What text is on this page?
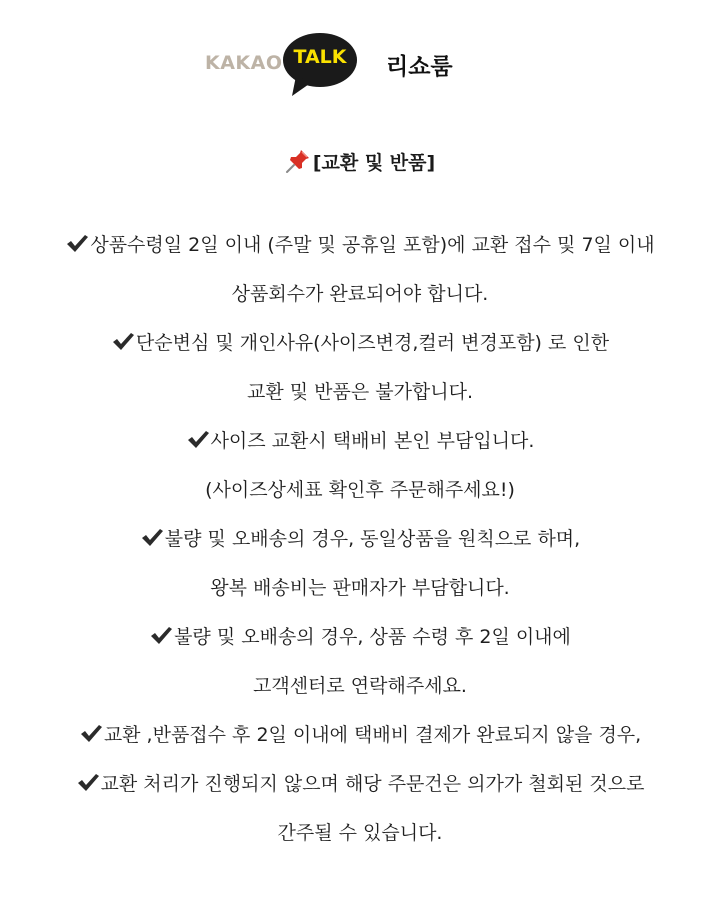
KAKAO TALK 리쇼룸
[교환 및 반품]
상품수령일 2일 이내 (주말 및 공휴일 포함)에 교환 접수 및 7일 이내
상품회수가 완료되어야 합니다.
단순변심 및 개인사유(사이즈변경,컬러 변경포함) 로 인한
교환 및 반품은 불가합니다.
사이즈 교환시 택배비 본인 부담입니다.
(사이즈상세표 확인후 주문해주세요!)
불량 및 오배송의 경우, 동일상품을 원칙으로 하며,
왕복 배송비는 판매자가 부담합니다.
불량 및 오배송의 경우, 상품 수령 후 2일 이내에
고객센터로 연락해주세요.
교환 ,반품접수 후 2일 이내에 택배비 결제가 완료되지 않을 경우,
교환 처리가 진행되지 않으며 해당 주문건은 의가가 철회된 것으로
간주될 수 있습니다.
